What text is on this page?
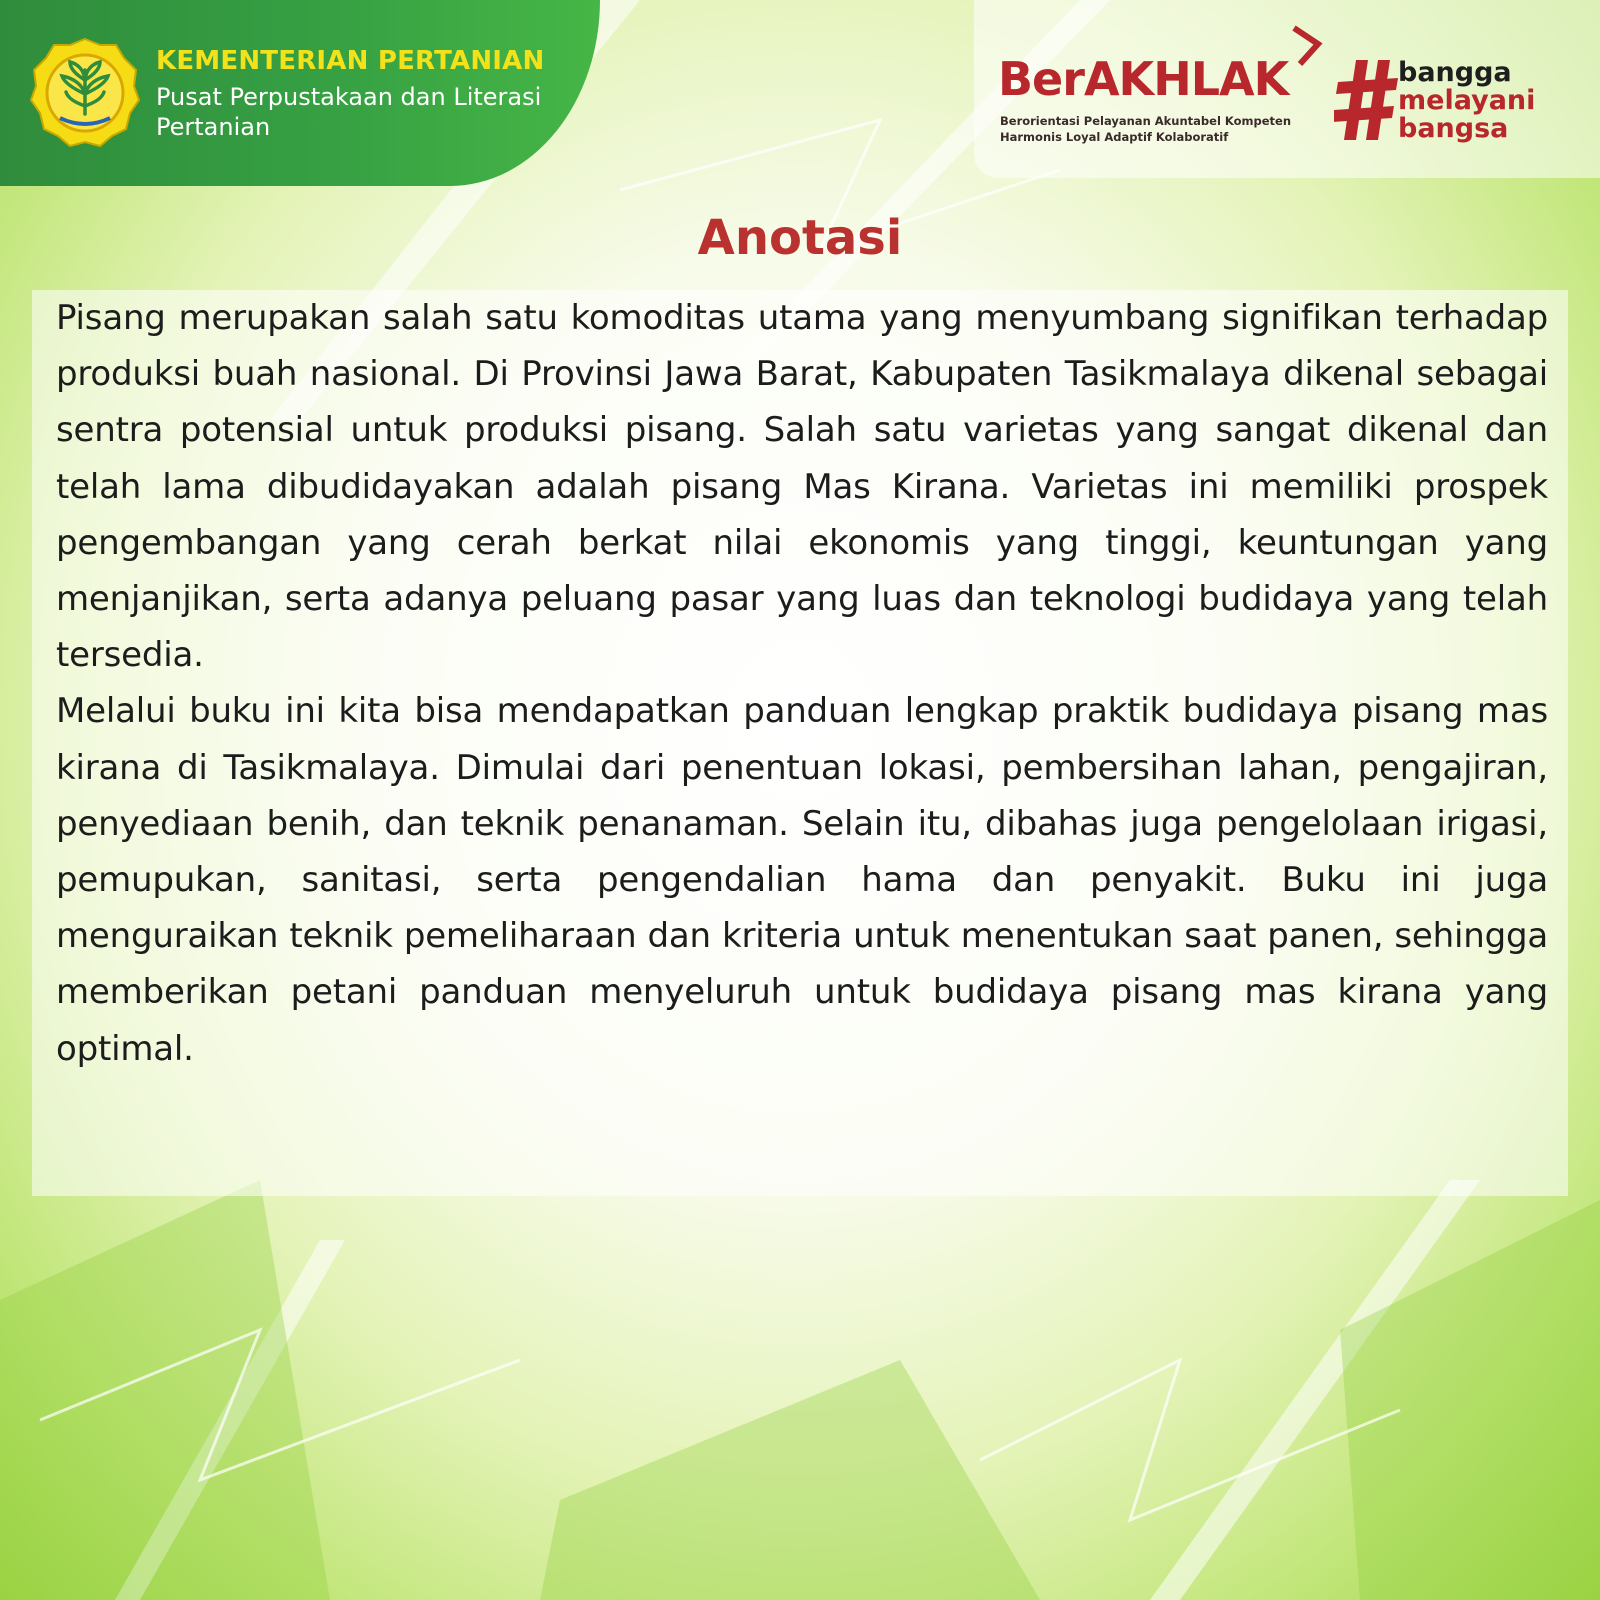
KEMENTERIAN PERTANIAN
Pusat Perpustakaan dan Literasi Pertanian
BerAKHLAK
Berorientasi Pelayanan Akuntabel Kompeten
Harmonis Loyal Adaptif Kolaboratif
bangga
melayani
bangsa
Anotasi

Pisang merupakan salah satu komoditas utama yang menyumbang signifikan terhadap produksi buah nasional. Di Provinsi Jawa Barat, Kabupaten Tasikmalaya dikenal sebagai sentra potensial untuk produksi pisang. Salah satu varietas yang sangat dikenal dan telah lama dibudidayakan adalah pisang Mas Kirana. Varietas ini memiliki prospek pengembangan yang cerah berkat nilai ekonomis yang tinggi, keuntungan yang menjanjikan, serta adanya peluang pasar yang luas dan teknologi budidaya yang telah tersedia.

Melalui buku ini kita bisa mendapatkan panduan lengkap praktik budidaya pisang mas kirana di Tasikmalaya. Dimulai dari penentuan lokasi, pembersihan lahan, pengajiran, penyediaan benih, dan teknik penanaman. Selain itu, dibahas juga pengelolaan irigasi, pemupukan, sanitasi, serta pengendalian hama dan penyakit. Buku ini juga menguraikan teknik pemeliharaan dan kriteria untuk menentukan saat panen, sehingga memberikan petani panduan menyeluruh untuk budidaya pisang mas kirana yang optimal.
